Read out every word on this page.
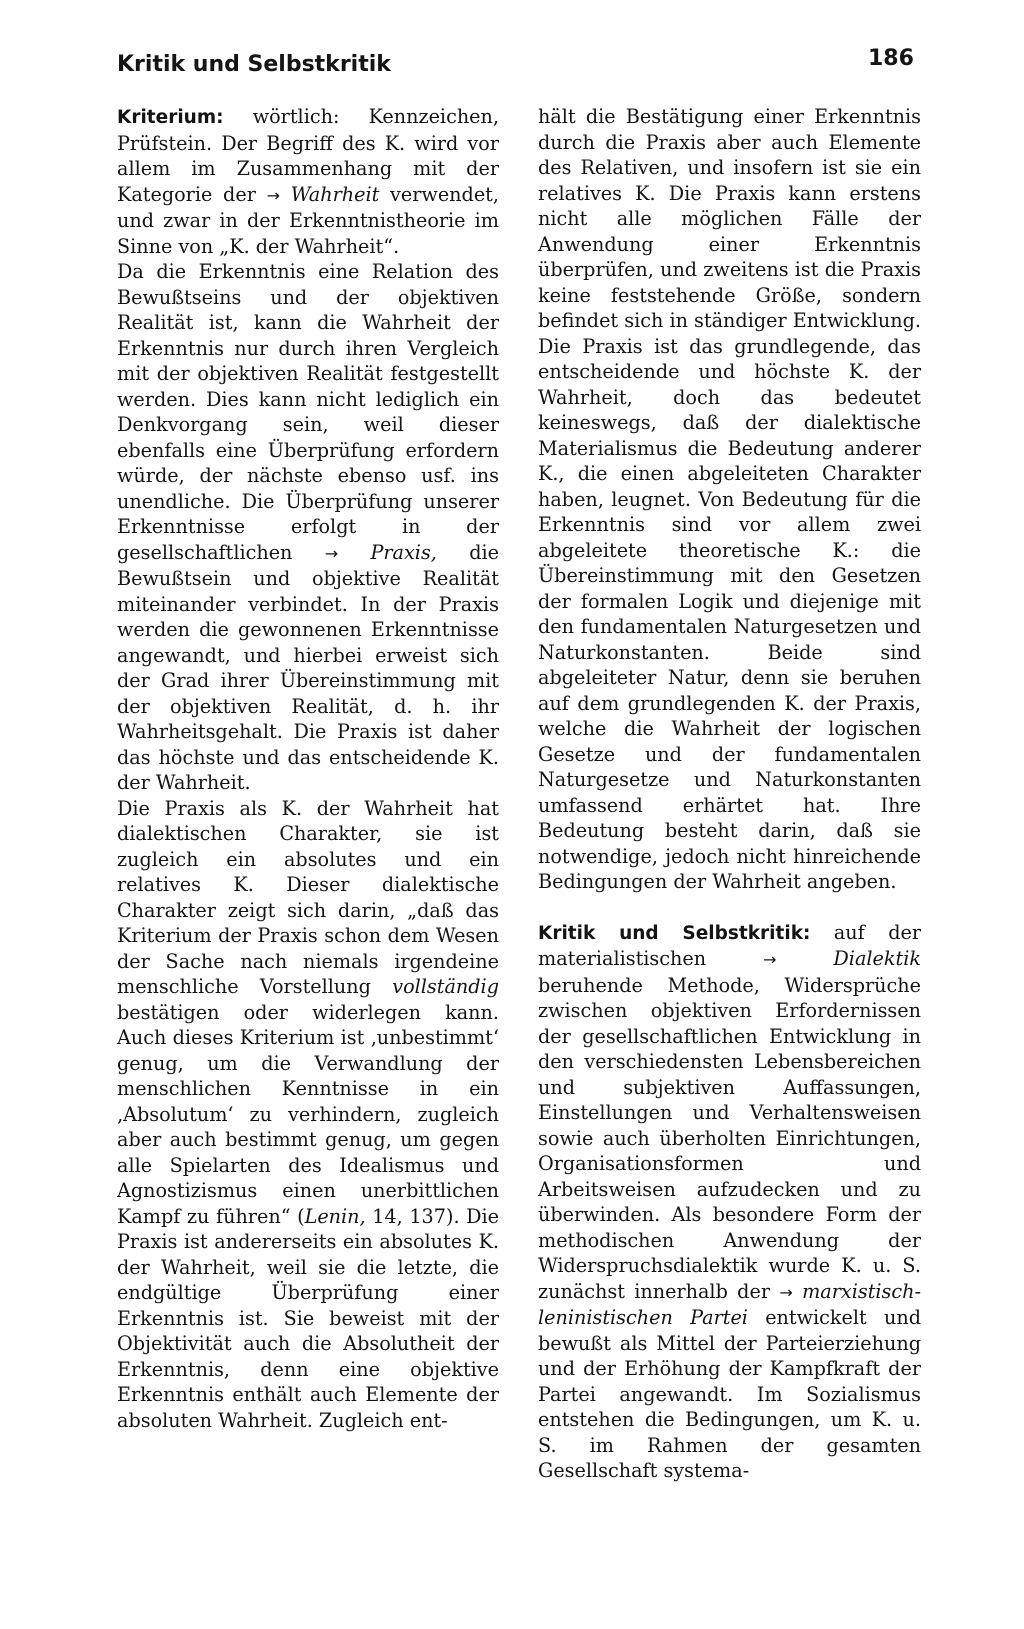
Kritik und Selbstkritik	186

Kriterium: wörtlich: Kennzeichen, Prüfstein. Der Begriff des K. wird vor allem im Zusammenhang mit der Kategorie der → Wahrheit verwendet, und zwar in der Erkenntnistheorie im Sinne von „K. der Wahrheit“.

Da die Erkenntnis eine Relation des Bewußtseins und der objektiven Realität ist, kann die Wahrheit der Erkenntnis nur durch ihren Vergleich mit der objektiven Realität festgestellt werden. Dies kann nicht lediglich ein Denkvorgang sein, weil dieser ebenfalls eine Überprüfung erfordern würde, der nächste ebenso usf. ins unendliche. Die Überprüfung unserer Erkenntnisse erfolgt in der gesellschaftlichen → Praxis, die Bewußtsein und objektive Realität miteinander verbindet. In der Praxis werden die gewonnenen Erkenntnisse angewandt, und hierbei erweist sich der Grad ihrer Übereinstimmung mit der objektiven Realität, d. h. ihr Wahrheitsgehalt. Die Praxis ist daher das höchste und das entscheidende K. der Wahrheit.

Die Praxis als K. der Wahrheit hat dialektischen Charakter, sie ist zugleich ein absolutes und ein relatives K. Dieser dialektische Charakter zeigt sich darin, „daß das Kriterium der Praxis schon dem Wesen der Sache nach niemals irgendeine menschliche Vorstellung vollständig bestätigen oder widerlegen kann. Auch dieses Kriterium ist ‚unbestimmt‘ genug, um die Verwandlung der menschlichen Kenntnisse in ein ‚Absolutum‘ zu verhindern, zugleich aber auch bestimmt genug, um gegen alle Spielarten des Idealismus und Agnostizismus einen unerbittlichen Kampf zu führen“ (Lenin, 14, 137). Die Praxis ist andererseits ein absolutes K. der Wahrheit, weil sie die letzte, die endgültige Überprüfung einer Erkenntnis ist. Sie beweist mit der Objektivität auch die Absolutheit der Erkenntnis, denn eine objektive Erkenntnis enthält auch Elemente der absoluten Wahrheit. Zugleich ent-

hält die Bestätigung einer Erkenntnis durch die Praxis aber auch Elemente des Relativen, und insofern ist sie ein relatives K. Die Praxis kann erstens nicht alle möglichen Fälle der Anwendung einer Erkenntnis überprüfen, und zweitens ist die Praxis keine feststehende Größe, sondern befindet sich in ständiger Entwicklung. Die Praxis ist das grundlegende, das entscheidende und höchste K. der Wahrheit, doch das bedeutet keineswegs, daß der dialektische Materialismus die Bedeutung anderer K., die einen abgeleiteten Charakter haben, leugnet. Von Bedeutung für die Erkenntnis sind vor allem zwei abgeleitete theoretische K.: die Übereinstimmung mit den Gesetzen der formalen Logik und diejenige mit den fundamentalen Naturgesetzen und Naturkonstanten. Beide sind abgeleiteter Natur, denn sie beruhen auf dem grundlegenden K. der Praxis, welche die Wahrheit der logischen Gesetze und der fundamentalen Naturgesetze und Naturkonstanten umfassend erhärtet hat. Ihre Bedeutung besteht darin, daß sie notwendige, jedoch nicht hinreichende Bedingungen der Wahrheit angeben.

Kritik und Selbstkritik: auf der materialistischen	→	Dialektik beruhende Methode, Widersprüche zwischen objektiven Erfordernissen der gesellschaftlichen Entwicklung in den verschiedensten Lebensbereichen und subjektiven Auffassungen, Einstellungen und Verhaltensweisen sowie auch überholten Einrichtungen, Organisationsformen und Arbeitsweisen aufzudecken und zu überwinden. Als besondere Form der methodischen Anwendung der Widerspruchsdialektik wurde K. u. S. zunächst innerhalb der → marxistisch-leninistischen Partei entwickelt und bewußt als Mittel der Parteierziehung und der Erhöhung der Kampfkraft der Partei angewandt. Im Sozialismus entstehen die Bedingungen, um K. u. S. im Rahmen der gesamten Gesellschaft systema-
